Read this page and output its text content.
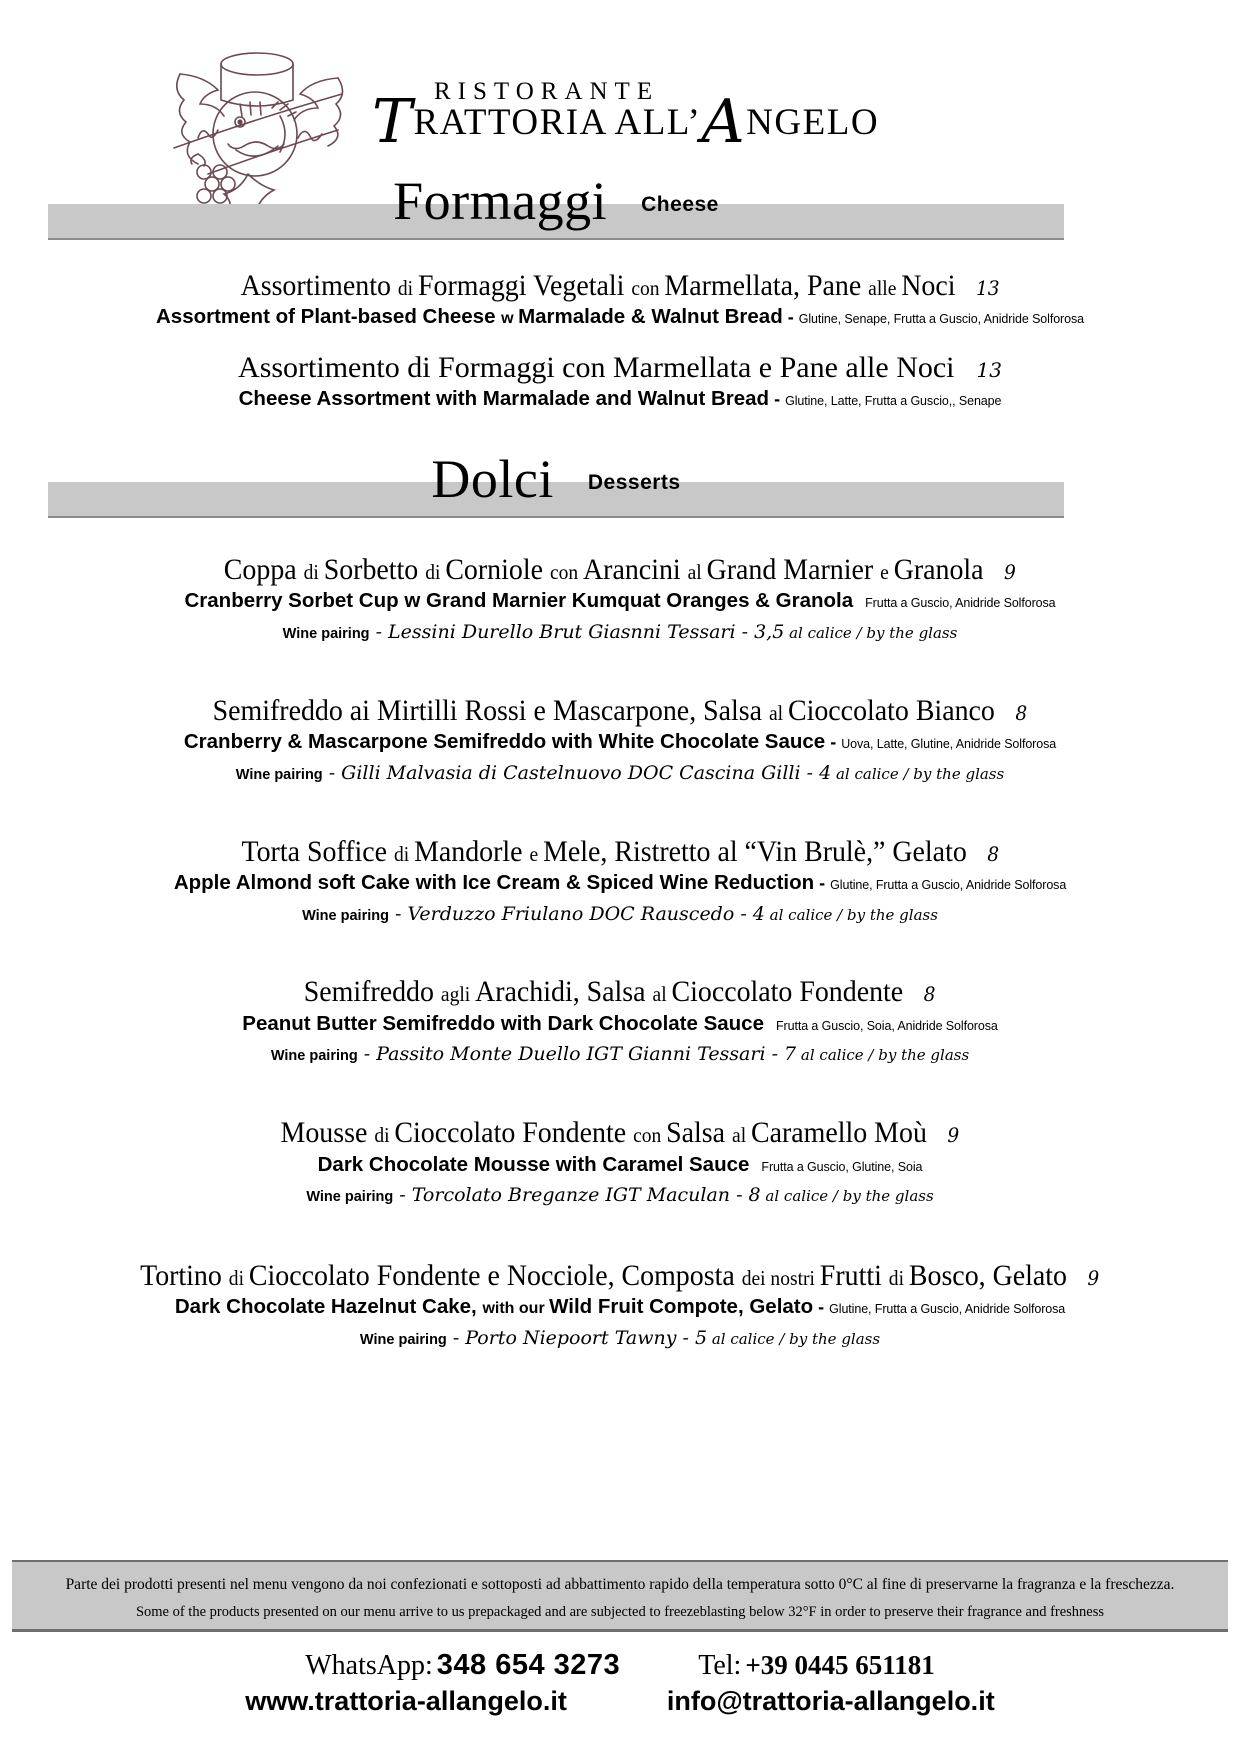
RISTORANTE
TRATTORIA ALL’ANGELO
Formaggi Cheese
Assortimento di Formaggi Vegetali con Marmellata, Pane alle Noci 13
Assortment of Plant-based Cheese w Marmalade & Walnut Bread - Glutine, Senape, Frutta a Guscio, Anidride Solforosa
Assortimento di Formaggi con Marmellata e Pane alle Noci 13
Cheese Assortment with Marmalade and Walnut Bread - Glutine, Latte, Frutta a Guscio,, Senape
Dolci Desserts
Coppa di Sorbetto di Corniole con Arancini al Grand Marnier e Granola 9
Cranberry Sorbet Cup w Grand Marnier Kumquat Oranges & Granola Frutta a Guscio, Anidride Solforosa
Wine pairing - Lessini Durello Brut Giasnni Tessari - 3,5 al calice / by the glass
Semifreddo ai Mirtilli Rossi e Mascarpone, Salsa al Cioccolato Bianco 8
Cranberry & Mascarpone Semifreddo with White Chocolate Sauce - Uova, Latte, Glutine, Anidride Solforosa
Wine pairing - Gilli Malvasia di Castelnuovo DOC Cascina Gilli - 4 al calice / by the glass
Torta Soffice di Mandorle e Mele, Ristretto al “Vin Brulè,” Gelato 8
Apple Almond soft Cake with Ice Cream & Spiced Wine Reduction - Glutine, Frutta a Guscio, Anidride Solforosa
Wine pairing - Verduzzo Friulano DOC Rauscedo - 4 al calice / by the glass
Semifreddo agli Arachidi, Salsa al Cioccolato Fondente 8
Peanut Butter Semifreddo with Dark Chocolate Sauce Frutta a Guscio, Soia, Anidride Solforosa
Wine pairing - Passito Monte Duello IGT Gianni Tessari - 7 al calice / by the glass
Mousse di Cioccolato Fondente con Salsa al Caramello Moù 9
Dark Chocolate Mousse with Caramel Sauce Frutta a Guscio, Glutine, Soia
Wine pairing - Torcolato Breganze IGT Maculan - 8 al calice / by the glass
Tortino di Cioccolato Fondente e Nocciole, Composta dei nostri Frutti di Bosco, Gelato 9
Dark Chocolate Hazelnut Cake, with our Wild Fruit Compote, Gelato - Glutine, Frutta a Guscio, Anidride Solforosa
Wine pairing - Porto Niepoort Tawny - 5 al calice / by the glass
Parte dei prodotti presenti nel menu vengono da noi confezionati e sottoposti ad abbattimento rapido della temperatura sotto 0°C al fine di preservarne la fragranza e la freschezza.
Some of the products presented on our menu arrive to us prepackaged and are subjected to freezeblasting below 32°F in order to preserve their fragrance and freshness
WhatsApp: 348 654 3273	Tel: +39 0445 651181
www.trattoria-allangelo.it	info@trattoria-allangelo.it
